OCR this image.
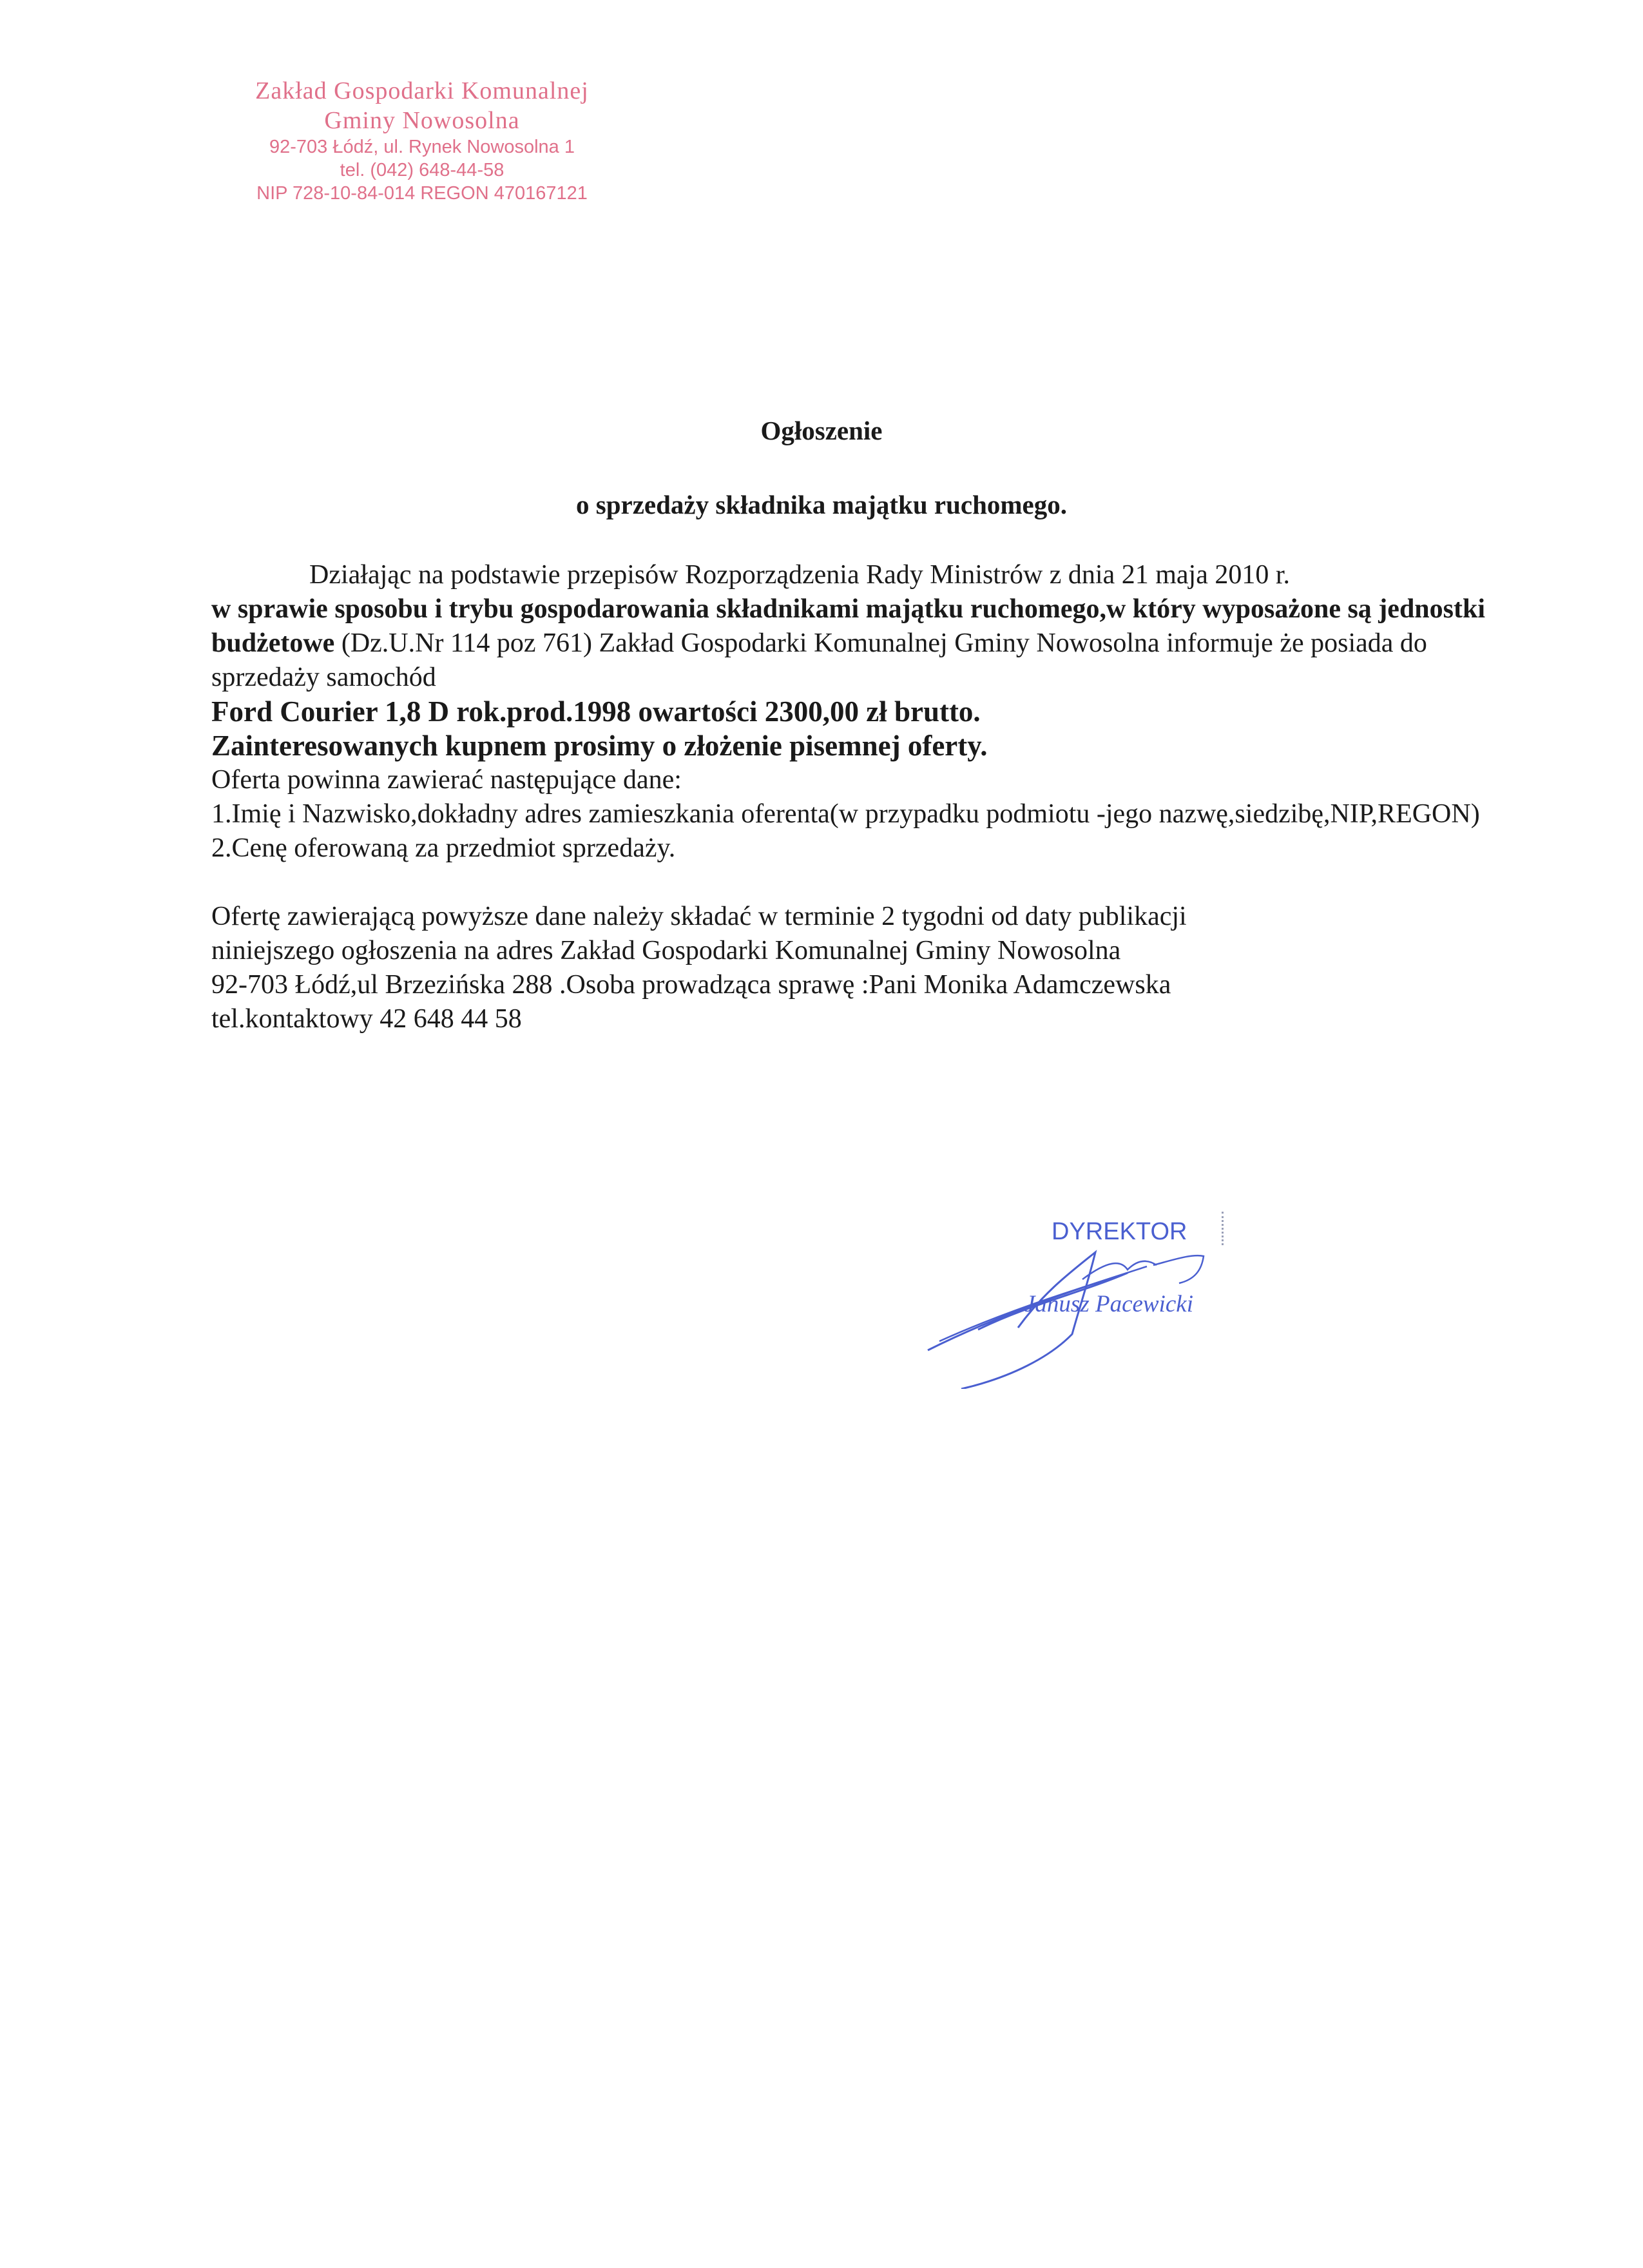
Zakład Gospodarki Komunalnej
Gminy Nowosolna
92-703 Łódź, ul. Rynek Nowosolna 1
tel. (042) 648-44-58
NIP 728-10-84-014 REGON 470167121
Ogłoszenie
o sprzedaży składnika majątku ruchomego.

Działając na podstawie przepisów Rozporządzenia Rady Ministrów z dnia 21 maja 2010 r.

w sprawie sposobu i trybu gospodarowania składnikami majątku ruchomego,w który wyposażone są jednostki budżetowe (Dz.U.Nr 114 poz 761) Zakład Gospodarki Komunalnej Gminy Nowosolna informuje że posiada do sprzedaży samochód

Ford Courier 1,8 D rok.prod.1998 owartości 2300,00 zł brutto.

Zainteresowanych kupnem prosimy o złożenie pisemnej oferty.

Oferta powinna zawierać następujące dane:

1.Imię i Nazwisko,dokładny adres zamieszkania oferenta(w przypadku podmiotu -jego nazwę,siedzibę,NIP,REGON)

2.Cenę oferowaną za przedmiot sprzedaży.

Ofertę zawierającą powyższe dane należy składać w terminie 2 tygodni od daty publikacji

niniejszego ogłoszenia na adres Zakład Gospodarki Komunalnej Gminy Nowosolna

92-703 Łódź,ul Brzezińska 288 .Osoba prowadząca sprawę :Pani Monika Adamczewska

tel.kontaktowy 42 648 44 58

DYREKTOR
Janusz Pacewicki
